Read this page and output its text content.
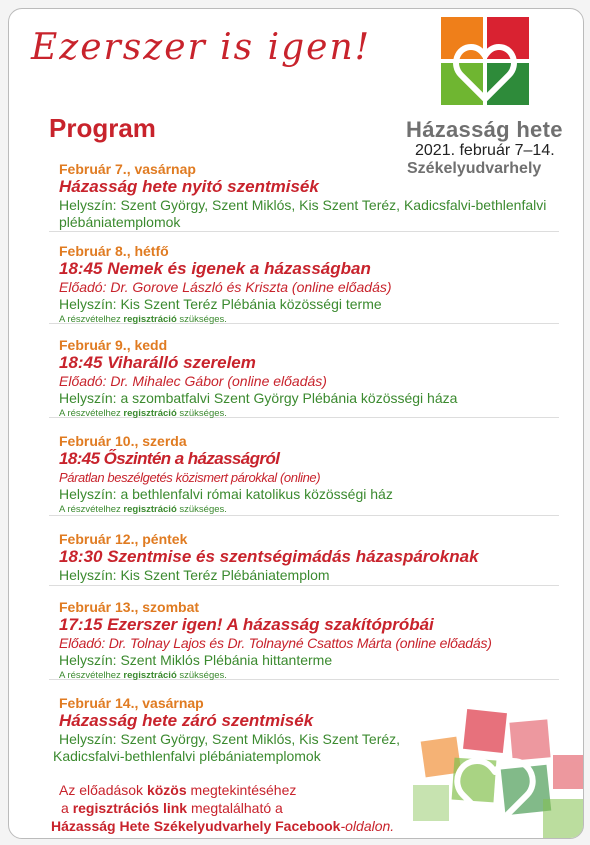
Ezerszer is igen!
Házasság hete
2021. február 7–14.
Székelyudvarhely
Program
Február 7., vasárnap
Házasság hete nyitó szentmisék
Helyszín: Szent György, Szent Miklós, Kis Szent Teréz, Kadicsfalvi-bethlenfalvi plébániatemplomok
Február 8., hétfő
18:45 Nemek és igenek a házasságban
Előadó: Dr. Gorove László és Kriszta (online előadás)
Helyszín: Kis Szent Teréz Plébánia közösségi terme
A részvételhez regisztráció szükséges.
Február 9., kedd
18:45 Viharálló szerelem
Előadó: Dr. Mihalec Gábor (online előadás)
Helyszín: a szombatfalvi Szent György Plébánia közösségi háza
A részvételhez regisztráció szükséges.
Február 10., szerda
18:45 Őszintén a házasságról
Páratlan beszélgetés közismert párokkal (online)
Helyszín: a bethlenfalvi római katolikus közösségi ház
A részvételhez regisztráció szükséges.
Február 12., péntek
18:30 Szentmise és szentségimádás házaspároknak
Helyszín: Kis Szent Teréz Plébániatemplom
Február 13., szombat
17:15 Ezerszer igen! A házasság szakítópróbái
Előadó: Dr. Tolnay Lajos és Dr. Tolnayné Csattos Márta (online előadás)
Helyszín: Szent Miklós Plébánia hittanterme
A részvételhez regisztráció szükséges.
Február 14., vasárnap
Házasság hete záró szentmisék
Helyszín: Szent György, Szent Miklós, Kis Szent Teréz,
Kadicsfalvi-bethlenfalvi plébániatemplomok
Az előadások közös megtekintéséhez
a regisztrációs link megtalálható a
Házasság Hete Székelyudvarhely Facebook-oldalon.
